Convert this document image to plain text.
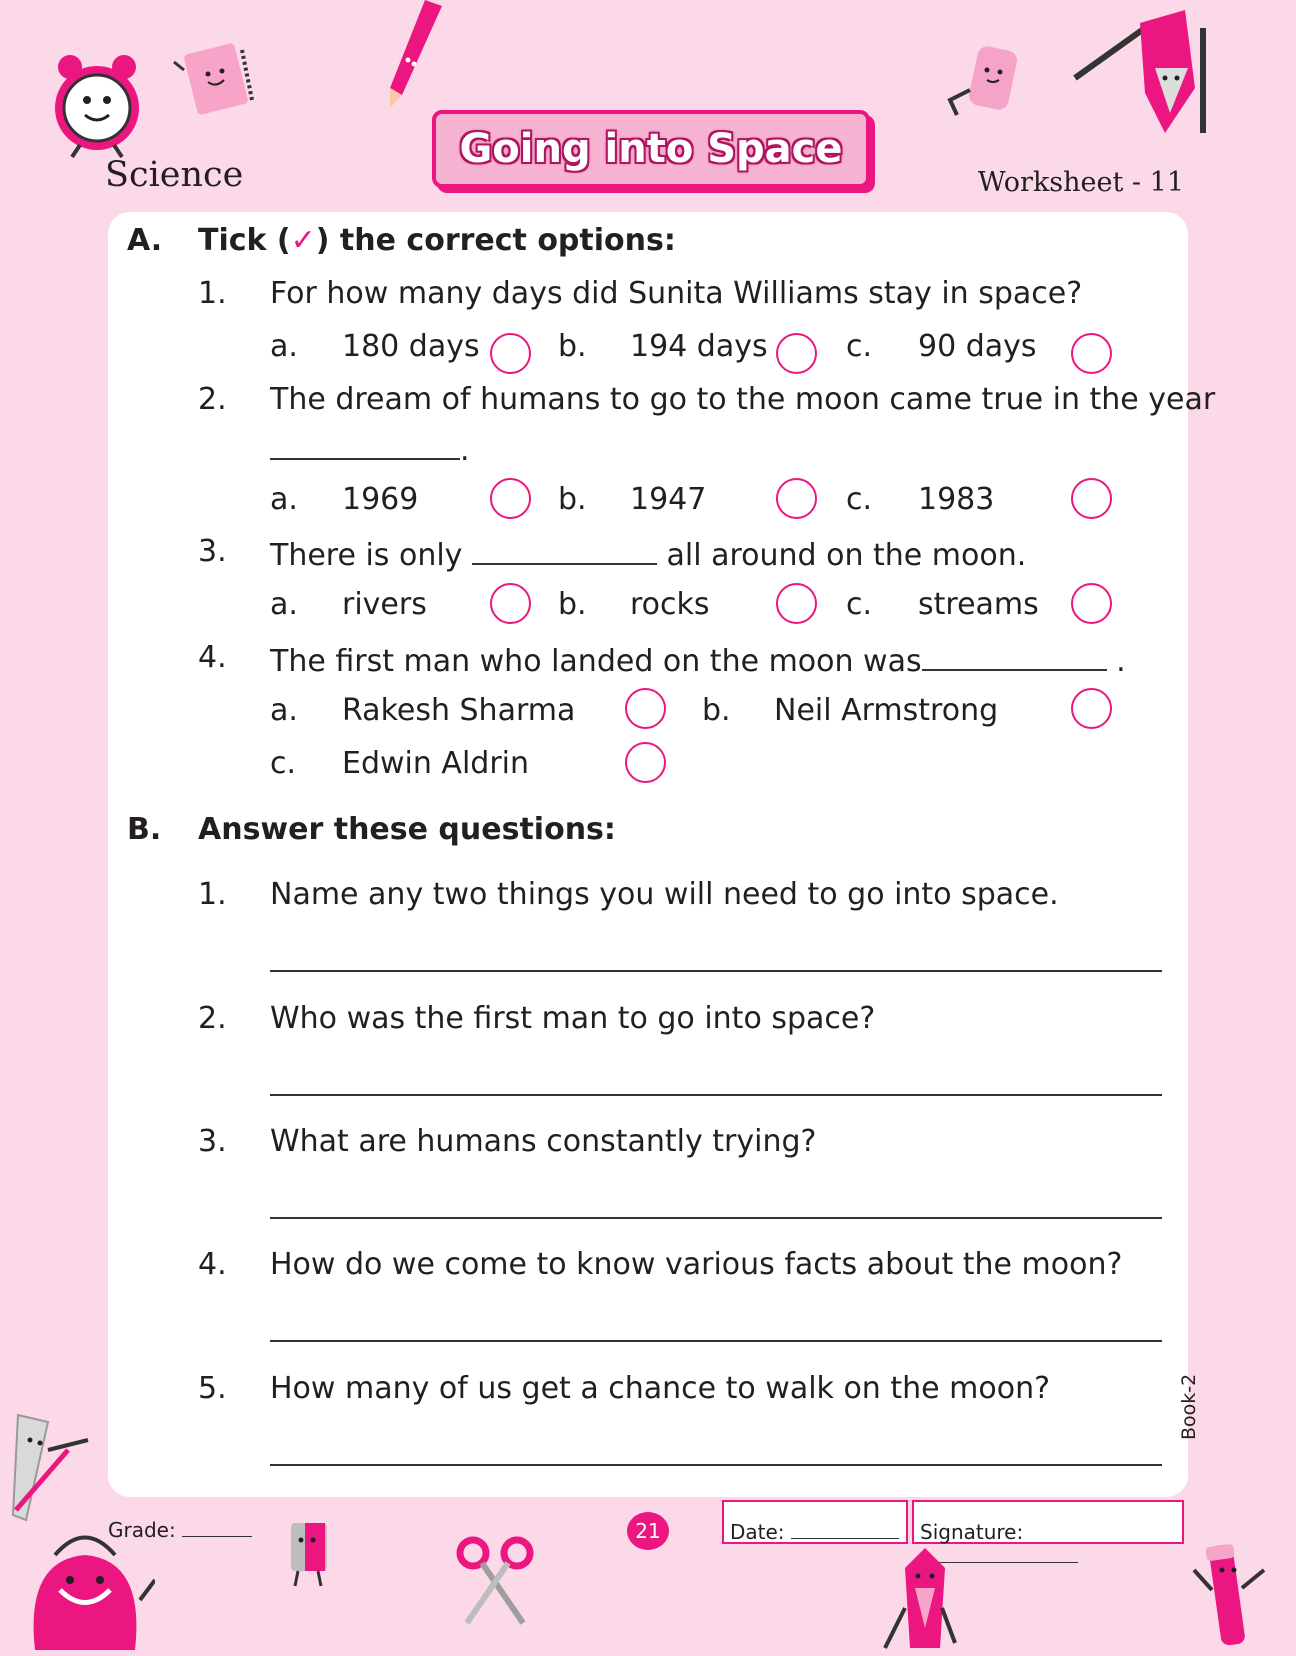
Science
Going into Space
Worksheet - 11
A. Tick (✓) the correct options:
1. For how many days did Sunita Williams stay in space?
a. 180 days	b. 194 days	c. 90 days
2. The dream of humans to go to the moon came true in the year
.
a. 1969	b. 1947	c. 1983
3. There is only	all around on the moon.
a. rivers	b. rocks	c. streams
4. The first man who landed on the moon was	.
a. Rakesh Sharma	b. Neil Armstrong
c. Edwin Aldrin
B. Answer these questions:
1. Name any two things you will need to go into space.
2. Who was the first man to go into space?
3. What are humans constantly trying?
4. How do we come to know various facts about the moon?
5. How many of us get a chance to walk on the moon?	Book-2
Grade:	21	Date:	Signature:
